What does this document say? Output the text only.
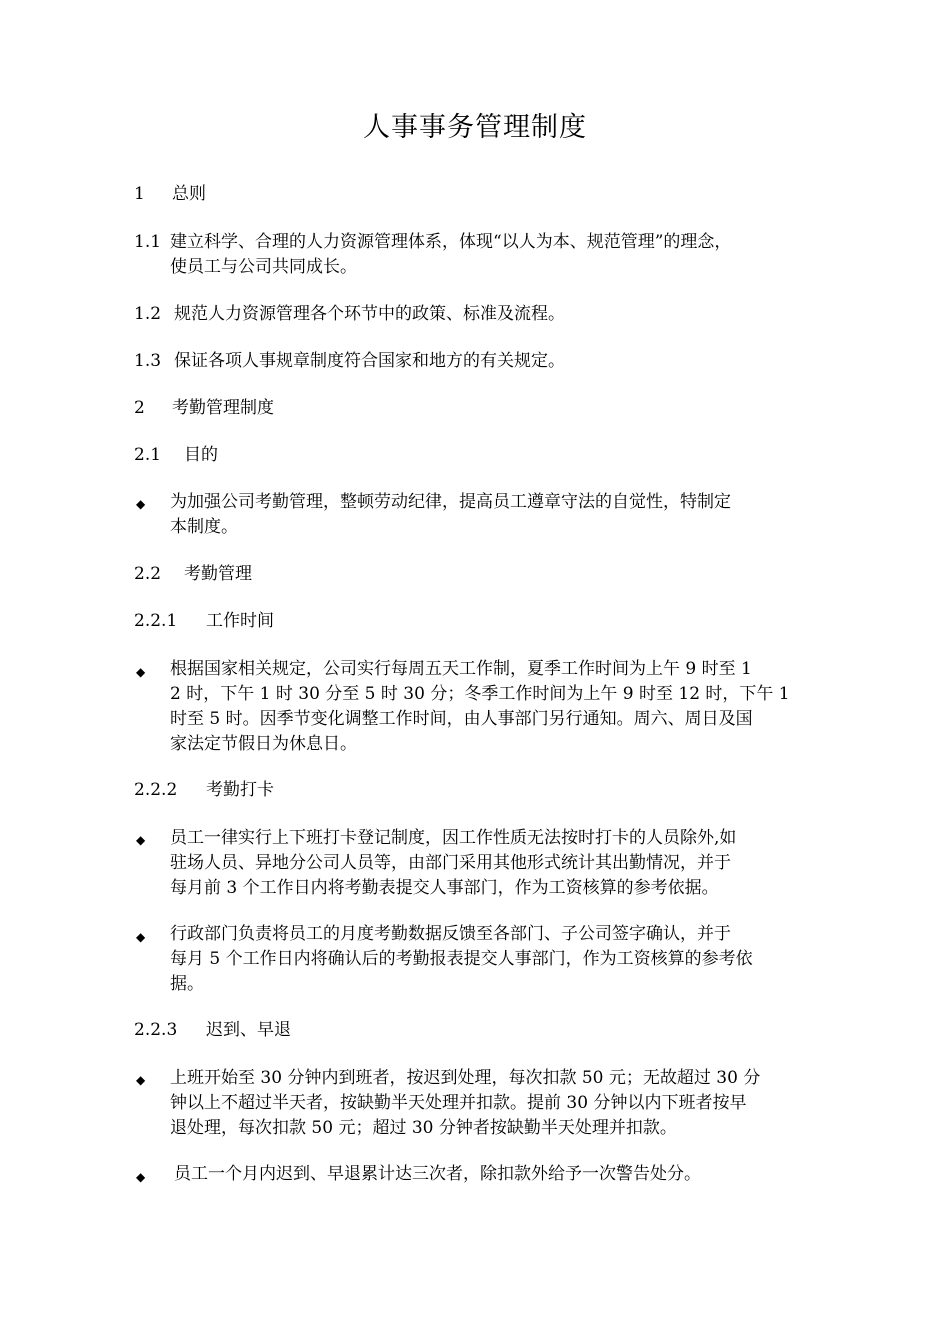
人事事务管理制度
1 总则
1.1 建立科学、合理的人力资源管理体系，体现“以人为本、规范管理”的理念，
使员工与公司共同成长。
1.2 规范人力资源管理各个环节中的政策、标准及流程。
1.3 保证各项人事规章制度符合国家和地方的有关规定。
2 考勤管理制度
2.1 目的
◆ 为加强公司考勤管理，整顿劳动纪律，提高员工遵章守法的自觉性，特制定
本制度。
2.2 考勤管理
2.2.1 工作时间
◆ 根据国家相关规定，公司实行每周五天工作制，夏季工作时间为上午 9 时至 1
2 时，下午 1 时 30 分至 5 时 30 分；冬季工作时间为上午 9 时至 12 时，下午 1
时至 5 时。因季节变化调整工作时间，由人事部门另行通知。周六、周日及国
家法定节假日为休息日。
2.2.2 考勤打卡
◆ 员工一律实行上下班打卡登记制度，因工作性质无法按时打卡的人员除外,如
驻场人员、异地分公司人员等，由部门采用其他形式统计其出勤情况，并于
每月前 3 个工作日内将考勤表提交人事部门，作为工资核算的参考依据。
◆ 行政部门负责将员工的月度考勤数据反馈至各部门、子公司签字确认，并于
每月 5 个工作日内将确认后的考勤报表提交人事部门，作为工资核算的参考依
据。
2.2.3 迟到、早退
◆ 上班开始至 30 分钟内到班者，按迟到处理，每次扣款 50 元；无故超过 30 分
钟以上不超过半天者，按缺勤半天处理并扣款。提前 30 分钟以内下班者按早
退处理，每次扣款 50 元；超过 30 分钟者按缺勤半天处理并扣款。
◆ 员工一个月内迟到、早退累计达三次者，除扣款外给予一次警告处分。
